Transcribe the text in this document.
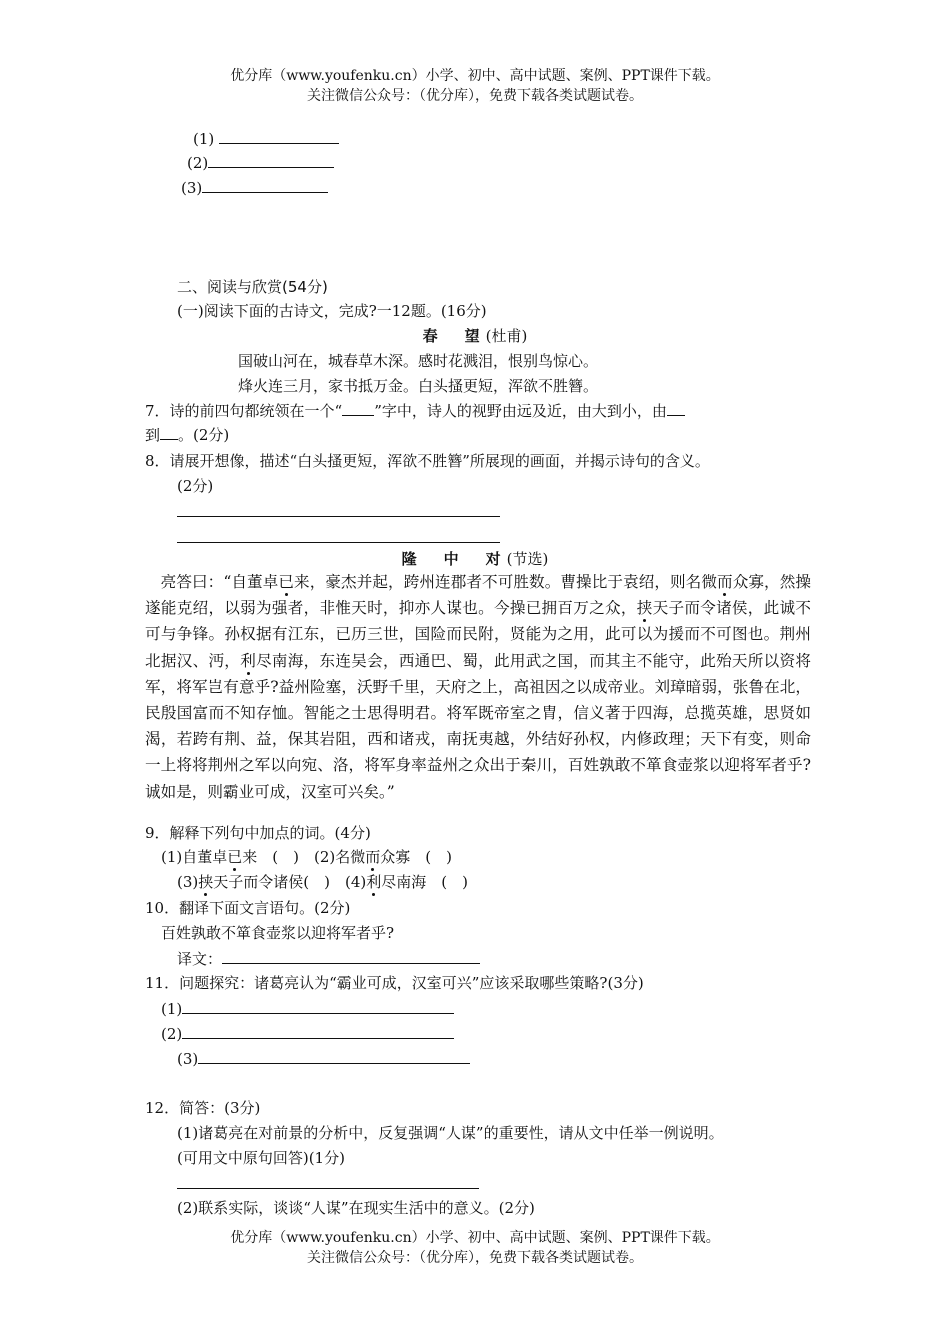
优分库（www.youfenku.cn）小学、初中、高中试题、案例、PPT课件下载。
关注微信公众号：（优分库），免费下载各类试题试卷。
(1)
(2)
(3)
二、阅读与欣赏(54分)
(一)阅读下面的古诗文，完成?一12题。(16分)
春　望(杜甫)
国破山河在，城春草木深。感时花溅泪，恨别鸟惊心。
烽火连三月，家书抵万金。白头搔更短，浑欲不胜簪。
7．诗的前四句都统领在一个“ ”字中，诗人的视野由远及近，由大到小，由
到 。(2分)
8．请展开想像，描述“白头搔更短，浑欲不胜簪”所展现的画面，并揭示诗句的含义。
(2分)
隆　中　对(节选)
　亮答曰：“自董卓已来，豪杰并起，跨州连郡者不可胜数。曹操比于袁绍，则名微而众寡，然操遂能克绍，以弱为强者，非惟天时，抑亦人谋也。今操已拥百万之众，挟天子而令诸侯，此诚不可与争锋。孙权据有江东，已历三世，国险而民附，贤能为之用，此可以为援而不可图也。荆州北据汉、沔，利尽南海，东连吴会，西通巴、蜀，此用武之国，而其主不能守，此殆天所以资将军，将军岂有意乎?益州险塞，沃野千里，天府之上，高祖因之以成帝业。刘璋暗弱，张鲁在北，民殷国富而不知存恤。智能之士思得明君。将军既帝室之胄，信义著于四海，总揽英雄，思贤如渴，若跨有荆、益，保其岩阻，西和诸戎，南抚夷越，外结好孙权，内修政理；天下有变，则命一上将将荆州之军以向宛、洛，将军身率益州之众出于秦川，百姓孰敢不箪食壶浆以迎将军者乎?诚如是，则霸业可成，汉室可兴矣。”
9．解释下列句中加点的词。(4分)
(1)自董卓已来　(　)　 (2)名微而众寡　(　)
(3)挟天子而令诸侯(　)　 (4)利尽南海　(　)
10．翻译下面文言语句。(2分)
百姓孰敢不箪食壶浆以迎将军者乎?
译文：
11．问题探究：诸葛亮认为“霸业可成，汉室可兴”应该采取哪些策略?(3分)
(1)
(2)
(3)
12．简答：(3分)
(1)诸葛亮在对前景的分析中，反复强调“人谋”的重要性，请从文中任举一例说明。
(可用文中原句回答)(1分)
(2)联系实际，谈谈“人谋”在现实生活中的意义。(2分)
优分库（www.youfenku.cn）小学、初中、高中试题、案例、PPT课件下载。
关注微信公众号：（优分库），免费下载各类试题试卷。
